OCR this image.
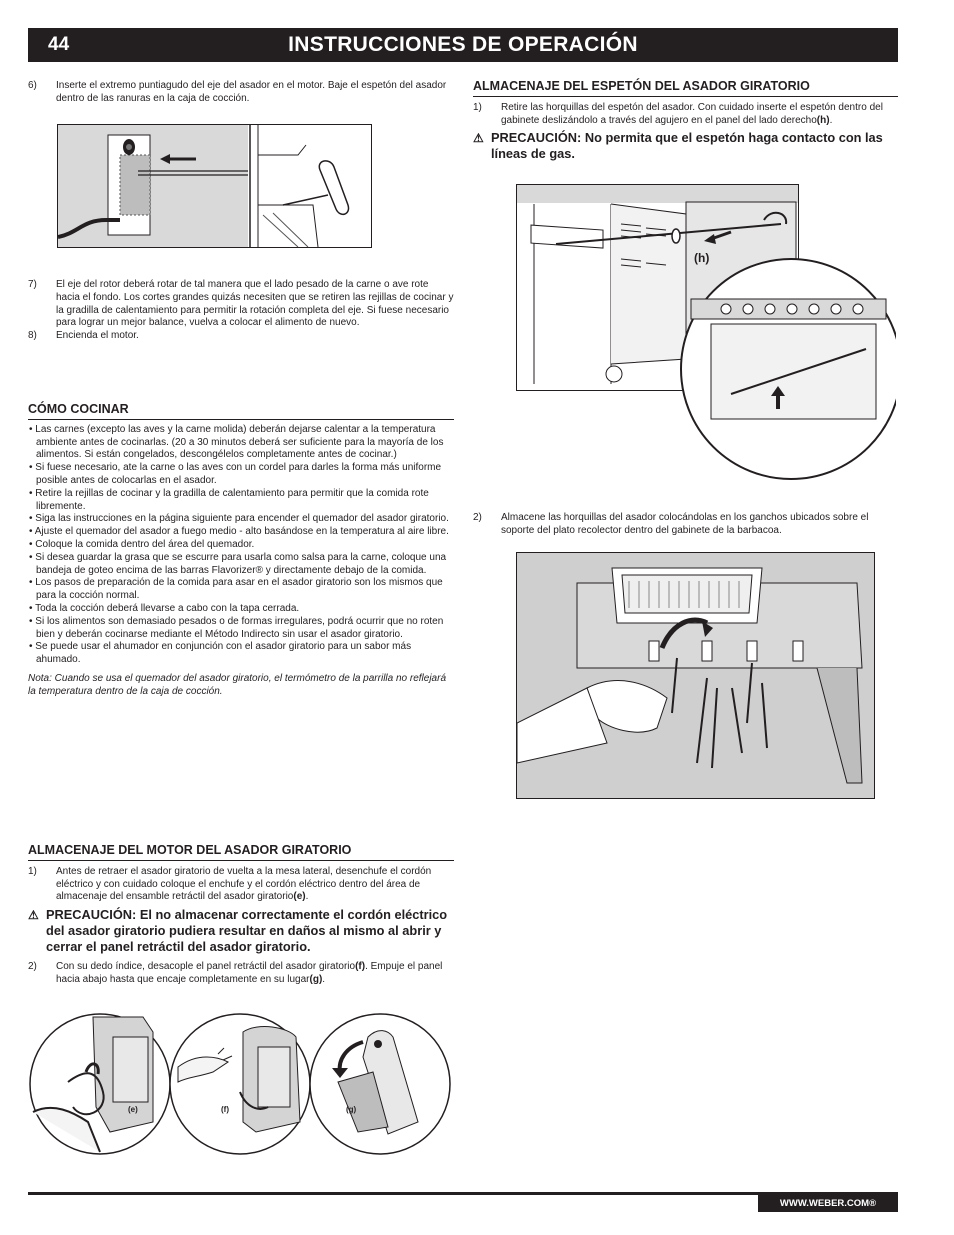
44	INSTRUCCIONES DE OPERACIÓN
6)	Inserte el extremo puntiagudo del eje del asador en el motor. Baje el espetón del asador dentro de las ranuras en la caja de cocción.
7)	El eje del rotor deberá rotar de tal manera que el lado pesado de la carne o ave rote hacia el fondo. Los cortes grandes quizás necesiten que se retiren las rejillas de cocinar y la gradilla de calentamiento para permitir la rotación completa del eje. Si fuese necesario para lograr un mejor balance, vuelva a colocar el alimento de nuevo.
8)	Encienda el motor.
CÓMO COCINAR
• Las carnes (excepto las aves y la carne molida) deberán dejarse calentar a la temperatura ambiente antes de cocinarlas. (20 a 30 minutos deberá ser suficiente para la mayoría de los alimentos. Si están congelados, descongélelos completamente antes de cocinar.)
• Si fuese necesario, ate la carne o las aves con un cordel para darles la forma más uniforme posible antes de colocarlas en el asador.
• Retire la rejillas de cocinar y la gradilla de calentamiento para permitir que la comida rote libremente.
• Siga las instrucciones en la página siguiente para encender el quemador del asador giratorio.
• Ajuste el quemador del asador a fuego medio - alto basándose en la temperatura al aire libre.
• Coloque la comida dentro del área del quemador.
• Si desea guardar la grasa que se escurre para usarla como salsa para la carne, coloque una bandeja de goteo encima de las barras Flavorizer® y directamente debajo de la comida.
• Los pasos de preparación de la comida para asar en el asador giratorio son los mismos que para la cocción normal.
• Toda la cocción deberá llevarse a cabo con la tapa cerrada.
• Si los alimentos son demasiado pesados o de formas irregulares, podrá ocurrir que no roten bien y deberán cocinarse mediante el Método Indirecto sin usar el asador giratorio.
• Se puede usar el ahumador en conjunción con el asador giratorio para un sabor más ahumado.
Nota: Cuando se usa el quemador del asador giratorio, el termómetro de la parrilla no reflejará la temperatura dentro de la caja de cocción.
ALMACENAJE DEL MOTOR DEL ASADOR GIRATORIO
1)	Antes de retraer el asador giratorio de vuelta a la mesa lateral, desenchufe el cordón eléctrico y con cuidado coloque el enchufe y el cordón eléctrico dentro del área de almacenaje del ensamble retráctil del asador giratorio(e).
⚠ PRECAUCIÓN: El no almacenar correctamente el cordón eléctrico del asador giratorio pudiera resultar en daños al mismo al abrir y cerrar el panel retráctil del asador giratorio.
2)	Con su dedo índice, desacople el panel retráctil del asador giratorio(f). Empuje el panel hacia abajo hasta que encaje completamente en su lugar(g).
(e)	(f)	(g)
ALMACENAJE DEL ESPETÓN DEL ASADOR GIRATORIO
1)	Retire las horquillas del espetón del asador. Con cuidado inserte el espetón dentro del gabinete deslizándolo a través del agujero en el panel del lado derecho(h).
⚠ PRECAUCIÓN: No permita que el espetón haga contacto con las líneas de gas.
(h)
2)	Almacene las horquillas del asador colocándolas en los ganchos ubicados sobre el soporte del plato recolector dentro del gabinete de la barbacoa.
WWW.WEBER.COM®
